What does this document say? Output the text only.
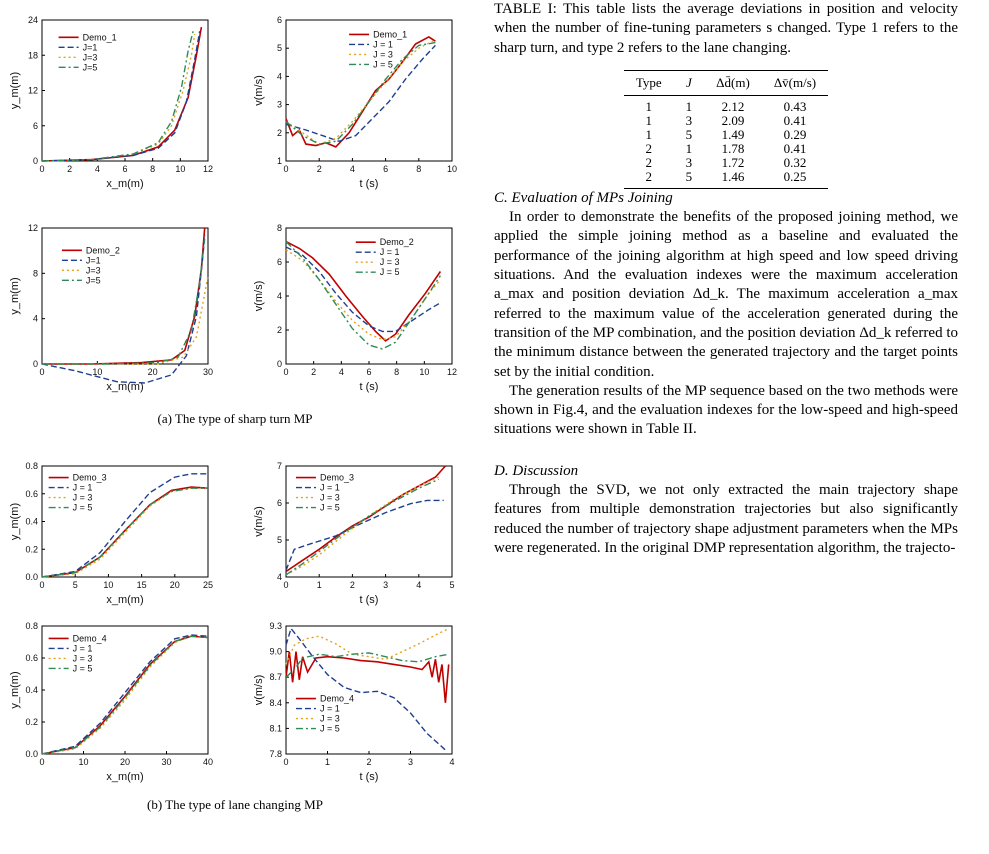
0	2	4	6	8 10 12
0
6
12
18
24
x_m(m)
y_m(m)
Demo_1
J=1
J=3
J=5
0	2	4	6	8	10
1
2
3
4
5
6
t (s)
v(m/s)
Demo_1
J = 1
J = 3
J = 5
0	10	20	30
0
4
8
12
x_m(m)
y_m(m)
Demo_2
J=1
J=3
J=5
0	2	4	6	8 10 12
0
2
4
6
8
t (s)
v(m/s)
Demo_2
J = 1
J = 3
J = 5
(a) The type of sharp turn MP
0	5	10	15	20	25
0.0
0.2
0.4
0.6
0.8
x_m(m)
y_m(m)
Demo_3
J = 1
J = 3
J = 5
0	1	2	3	4	5
4
5
6
7
t (s)
v(m/s)
Demo_3
J = 1
J = 3
J = 5
0	10	20	30	40
0.0
0.2
0.4
0.6
0.8
x_m(m)
y_m(m)
Demo_4
J = 1
J = 3
J = 5
0	1	2	3	4
7.8
8.1
8.4
8.7
9.0
9.3
t (s)
v(m/s)	Demo_4
J = 1
J = 3
J = 5
(b) The type of lane changing MP

TABLE I: This table lists the average deviations in position and velocity when the number of fine-tuning parameters s changed. Type 1 refers to the sharp turn, and type 2 refers to the lane changing.

Type	J	Δd̄(m)	Δv̄(m/s)
1	1	2.12	0.43
1	3	2.09	0.41
1	5	1.49	0.29
2	1	1.78	0.41
2	3	1.72	0.32
2	5	1.46	0.25

C. Evaluation of MPs Joining

In order to demonstrate the benefits of the proposed joining method, we applied the simple joining method as a baseline and evaluated the performance of the joining algorithm at high speed and low speed driving situations. And the evaluation indexes were the maximum acceleration a_max and position deviation Δd_k. The maximum acceleration a_max referred to the maximum value of the acceleration generated during the transition of the MP combination, and the position deviation Δd_k referred to the minimum distance between the generated trajectory and the target points set by the initial condition.

The generation results of the MP sequence based on the two methods were shown in Fig.4, and the evaluation indexes for the low-speed and high-speed situations were shown in Table II.

D. Discussion

Through the SVD, we not only extracted the main trajectory shape features from multiple demonstration trajectories but also significantly reduced the number of trajectory shape adjustment parameters when the MPs were regenerated. In the original DMP representation algorithm, the trajecto-
